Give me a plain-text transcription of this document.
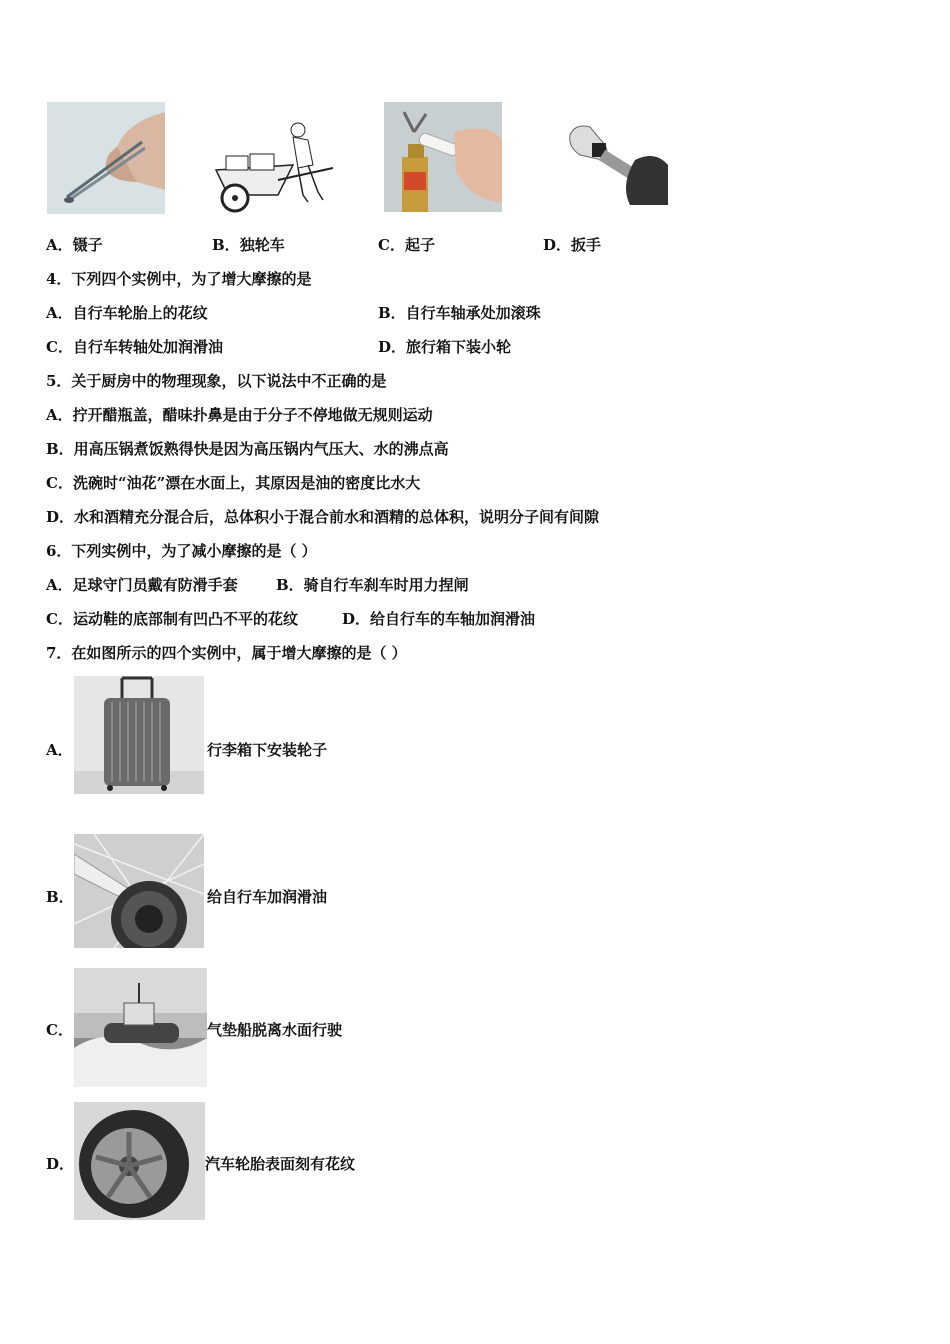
A．镊子	B．独轮车	C．起子	D．扳手
4．下列四个实例中，为了增大摩擦的是
A．自行车轮胎上的花纹	B．自行车轴承处加滚珠
C．自行车转轴处加润滑油	D．旅行箱下装小轮
5．关于厨房中的物理现象，以下说法中不正确的是
A．拧开醋瓶盖，醋味扑鼻是由于分子不停地做无规则运动
B．用高压锅煮饭熟得快是因为高压锅内气压大、水的沸点高
C．洗碗时“油花”漂在水面上，其原因是油的密度比水大
D．水和酒精充分混合后，总体积小于混合前水和酒精的总体积，说明分子间有间隙
6．下列实例中，为了减小摩擦的是（ ）
A．足球守门员戴有防滑手套	B．骑自行车刹车时用力捏闸
C．运动鞋的底部制有凹凸不平的花纹	D．给自行车的车轴加润滑油
7．在如图所示的四个实例中，属于增大摩擦的是（ ）
A．	行李箱下安装轮子
B．	给自行车加润滑油
C．	气垫船脱离水面行驶
D．	汽车轮胎表面刻有花纹
